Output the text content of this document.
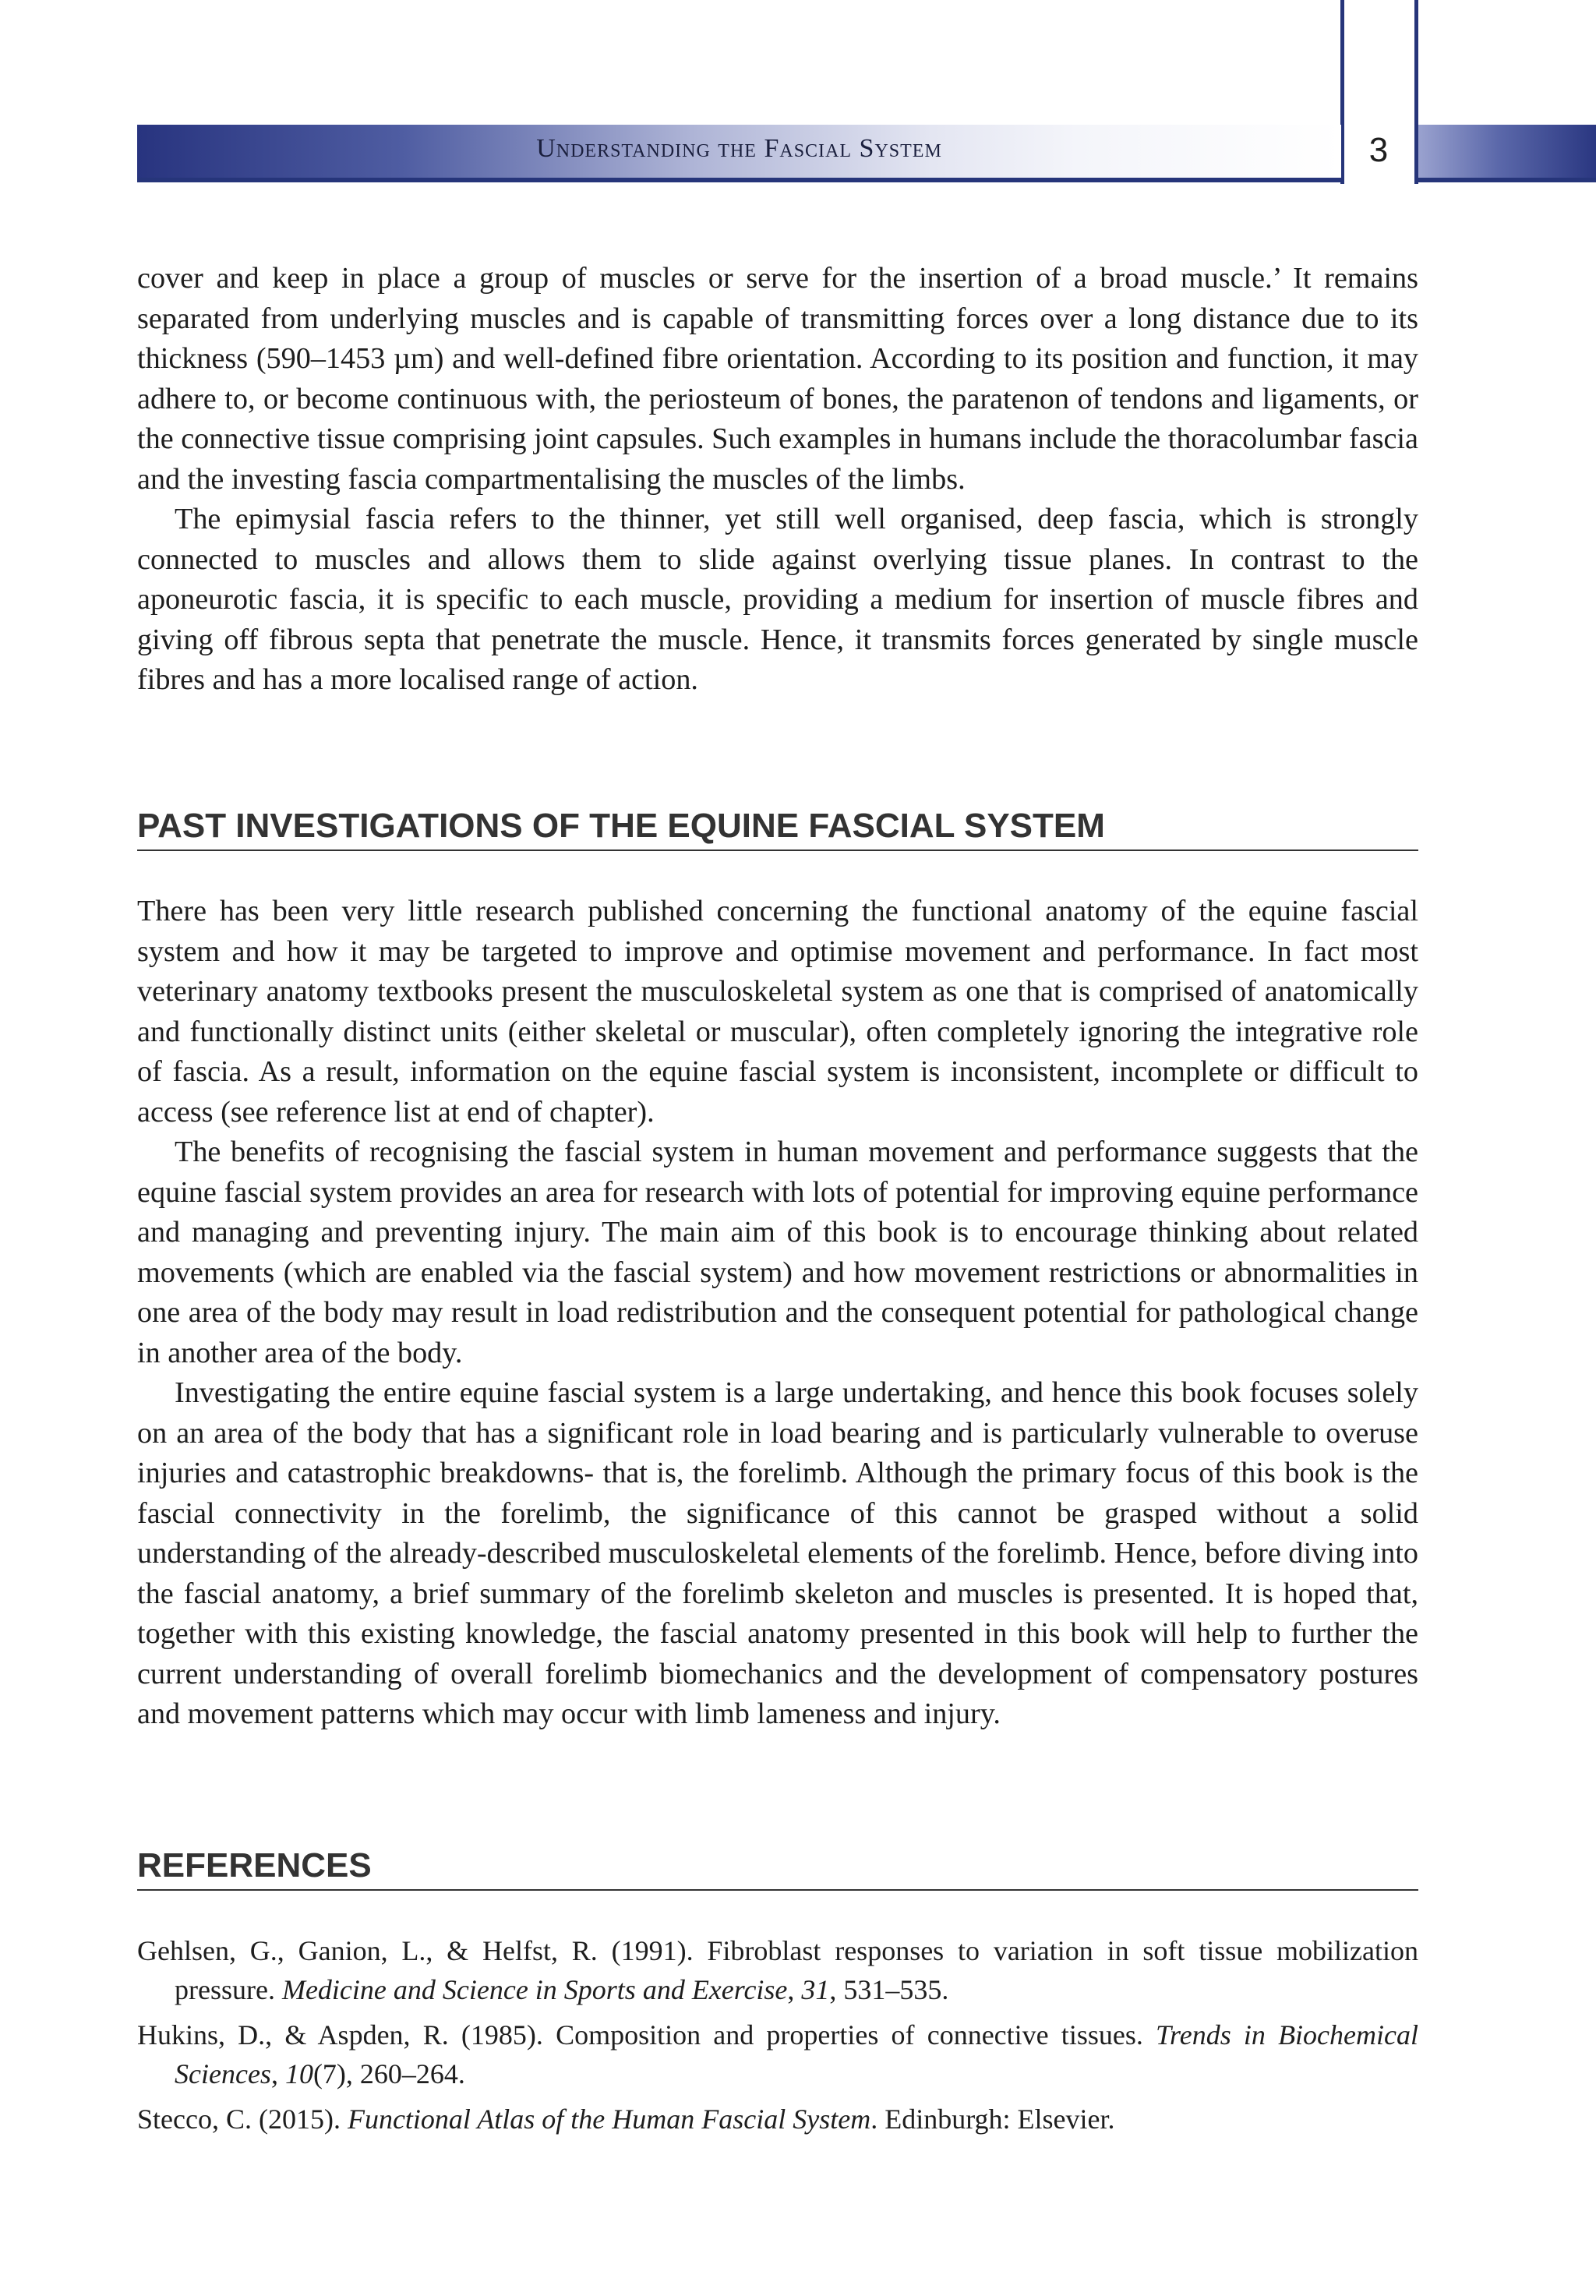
Understanding the Fascial System	3

cover and keep in place a group of muscles or serve for the insertion of a broad muscle.’ It remains separated from underlying muscles and is capable of transmitting forces over a long distance due to its thickness (590–1453 µm) and well-defined fibre orientation. According to its position and function, it may adhere to, or become continuous with, the periosteum of bones, the paratenon of tendons and ligaments, or the connective tissue comprising joint capsules. Such examples in humans include the thoracolumbar fascia and the investing fascia compartmentalising the muscles of the limbs.

The epimysial fascia refers to the thinner, yet still well organised, deep fascia, which is strongly connected to muscles and allows them to slide against overlying tissue planes. In contrast to the aponeurotic fascia, it is specific to each muscle, providing a medium for insertion of muscle fibres and giving off fibrous septa that penetrate the muscle. Hence, it transmits forces generated by single muscle fibres and has a more localised range of action.

PAST INVESTIGATIONS OF THE EQUINE FASCIAL SYSTEM

There has been very little research published concerning the functional anatomy of the equine fascial system and how it may be targeted to improve and optimise movement and performance. In fact most veterinary anatomy textbooks present the musculoskeletal system as one that is comprised of anatomically and functionally distinct units (either skeletal or muscular), often completely ignoring the integrative role of fascia. As a result, information on the equine fascial system is inconsistent, incomplete or difficult to access (see reference list at end of chapter).

The benefits of recognising the fascial system in human movement and performance suggests that the equine fascial system provides an area for research with lots of potential for improving equine performance and managing and preventing injury. The main aim of this book is to encourage thinking about related movements (which are enabled via the fascial system) and how movement restrictions or abnormalities in one area of the body may result in load redistribution and the consequent potential for pathological change in another area of the body.

Investigating the entire equine fascial system is a large undertaking, and hence this book focuses solely on an area of the body that has a significant role in load bearing and is particularly vulnerable to overuse injuries and catastrophic breakdowns- that is, the forelimb. Although the primary focus of this book is the fascial connectivity in the forelimb, the significance of this cannot be grasped without a solid understanding of the already-described musculoskeletal elements of the forelimb. Hence, before diving into the fascial anatomy, a brief summary of the forelimb skeleton and muscles is presented. It is hoped that, together with this existing knowledge, the fascial anatomy presented in this book will help to further the current understanding of overall forelimb biomechanics and the development of compensatory postures and movement patterns which may occur with limb lameness and injury.

REFERENCES

Gehlsen, G., Ganion, L., & Helfst, R. (1991). Fibroblast responses to variation in soft tissue mobilization pressure. Medicine and Science in Sports and Exercise, 31, 531–535.

Hukins, D., & Aspden, R. (1985). Composition and properties of connective tissues. Trends in Biochemical Sciences, 10(7), 260–264.

Stecco, C. (2015). Functional Atlas of the Human Fascial System. Edinburgh: Elsevier.
